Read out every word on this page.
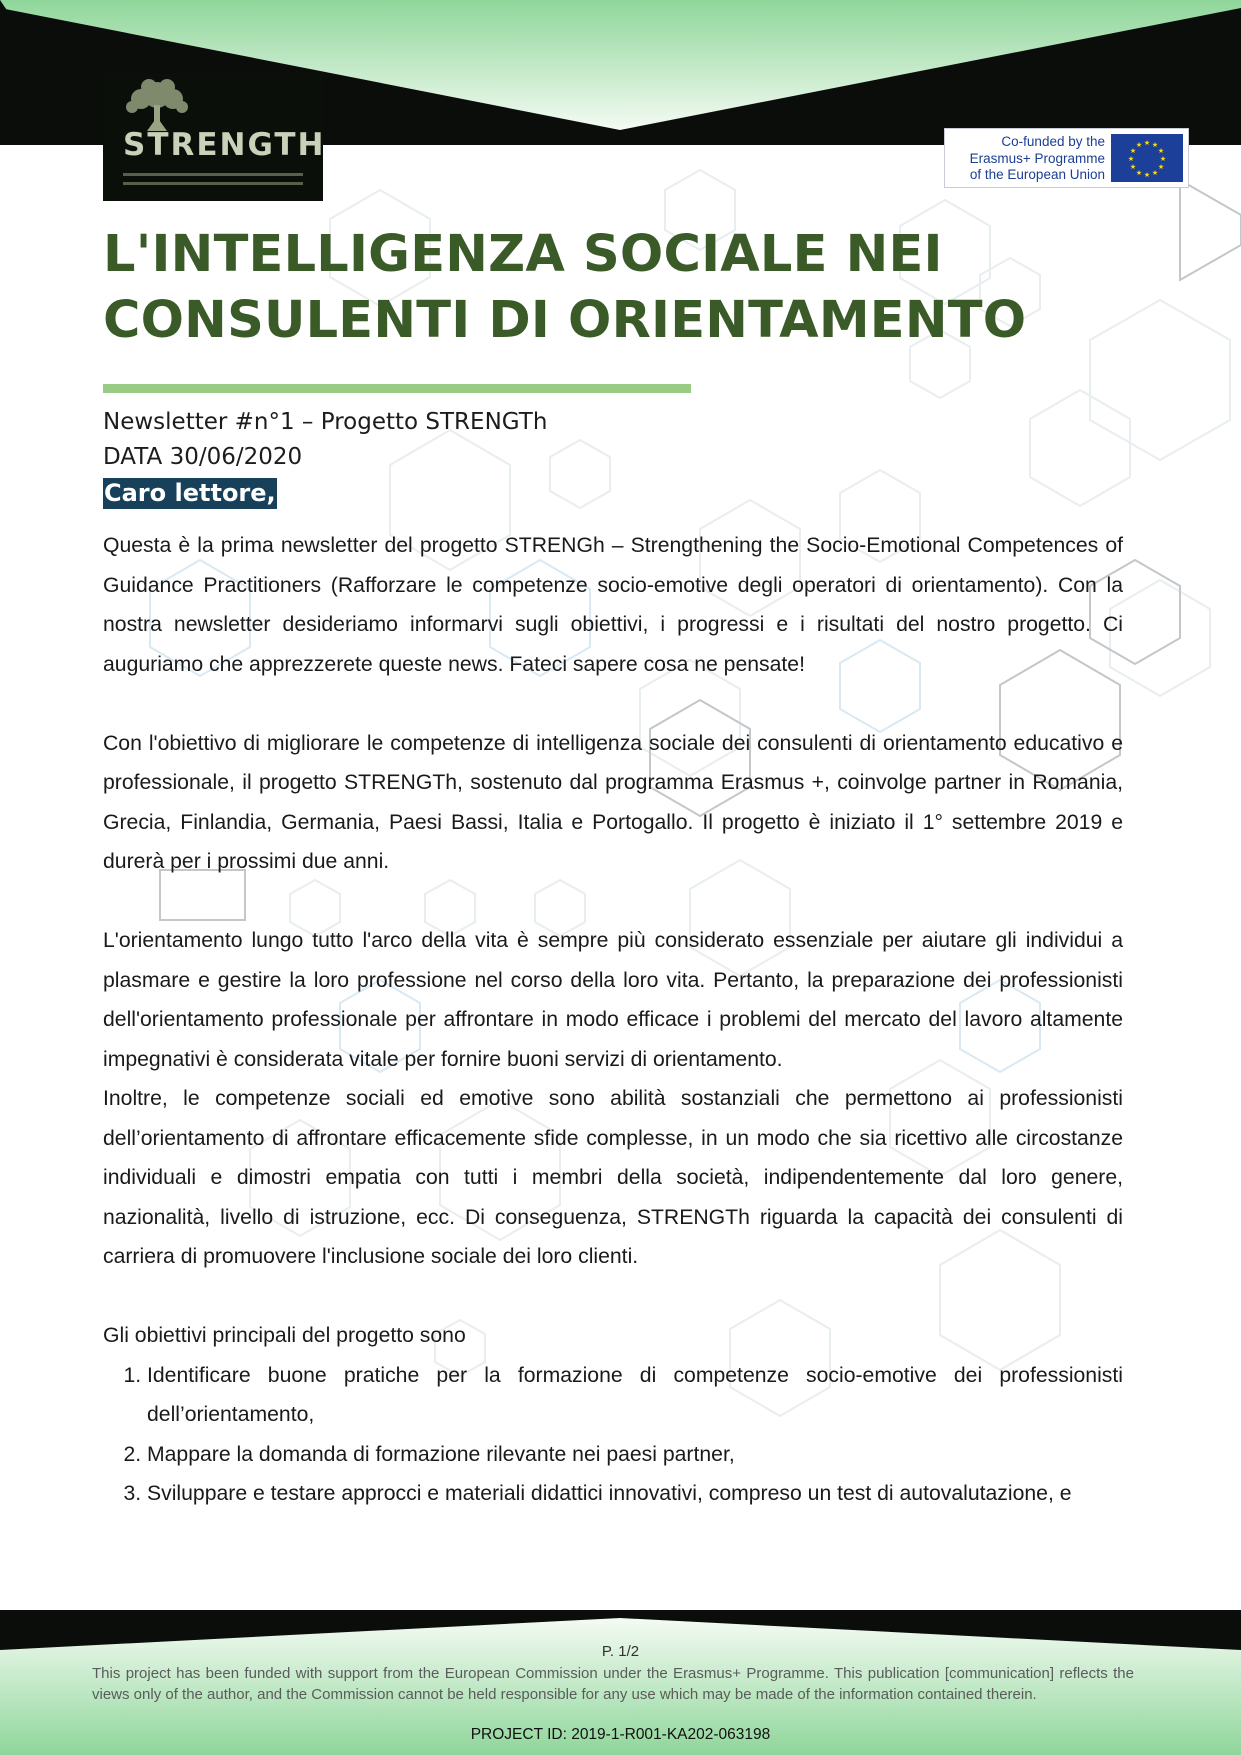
STRENGTH	Co-funded by the
Erasmus+ Programme
of the European Union
★ ★
★
★
★
★
★
★
★
★
★
★
L'INTELLIGENZA SOCIALE NEI
CONSULENTI DI ORIENTAMENTO
Newsletter #n°1 – Progetto STRENGTh
DATA 30/06/2020
Caro lettore,

Questa è la prima newsletter del progetto STRENGh – Strengthening the Socio-Emotional Competences of Guidance Practitioners (Rafforzare le competenze socio-emotive degli operatori di orientamento). Con la nostra newsletter desideriamo informarvi sugli obiettivi, i progressi e i risultati del nostro progetto. Ci auguriamo che apprezzerete queste news. Fateci sapere cosa ne pensate!

Con l'obiettivo di migliorare le competenze di intelligenza sociale dei consulenti di orientamento educativo e professionale, il progetto STRENGTh, sostenuto dal programma Erasmus +, coinvolge partner in Romania, Grecia, Finlandia, Germania, Paesi Bassi, Italia e Portogallo. Il progetto è iniziato il 1° settembre 2019 e durerà per i prossimi due anni.

L'orientamento lungo tutto l'arco della vita è sempre più considerato essenziale per aiutare gli individui a plasmare e gestire la loro professione nel corso della loro vita. Pertanto, la preparazione dei professionisti dell'orientamento professionale per affrontare in modo efficace i problemi del mercato del lavoro altamente impegnativi è considerata vitale per fornire buoni servizi di orientamento.

Inoltre, le competenze sociali ed emotive sono abilità sostanziali che permettono ai professionisti dell’orientamento di affrontare efficacemente sfide complesse, in un modo che sia ricettivo alle circostanze individuali e dimostri empatia con tutti i membri della società, indipendentemente dal loro genere, nazionalità, livello di istruzione, ecc. Di conseguenza, STRENGTh riguarda la capacità dei consulenti di carriera di promuovere l'inclusione sociale dei loro clienti.

Gli obiettivi principali del progetto sono

1. Identificare buone pratiche per la formazione di competenze socio-emotive dei professionisti dell’orientamento,
2. Mappare la domanda di formazione rilevante nei paesi partner,
3. Sviluppare e testare approcci e materiali didattici innovativi, compreso un test di autovalutazione, e
P. 1/2
This project has been funded with support from the European Commission under the Erasmus+ Programme. This publication [communication] reflects the views only of the author, and the Commission cannot be held responsible for any use which may be made of the information contained therein.
PROJECT ID: 2019-1-R001-KA202-063198
